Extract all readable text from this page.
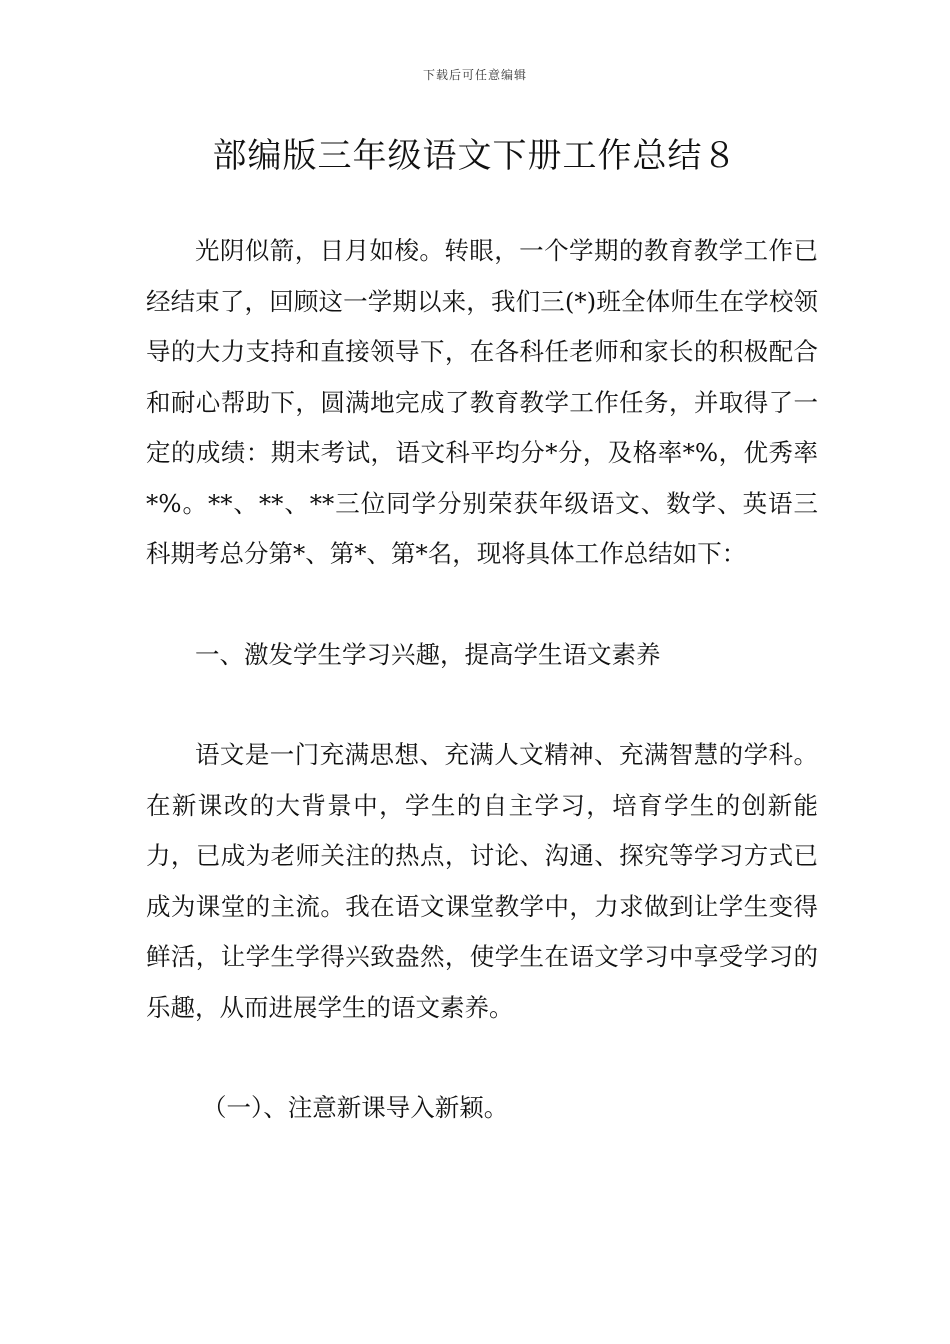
下载后可任意编辑
部编版三年级语文下册工作总结８

光阴似箭，日月如梭。转眼，一个学期的教育教学工作已经结束了，回顾这一学期以来，我们三(*)班全体师生在学校领导的大力支持和直接领导下，在各科任老师和家长的积极配合和耐心帮助下，圆满地完成了教育教学工作任务，并取得了一定的成绩：期末考试，语文科平均分*分，及格率*%，优秀率*%。**、**、**三位同学分别荣获年级语文、数学、英语三科期考总分第*、第*、第*名，现将具体工作总结如下：

一、激发学生学习兴趣，提高学生语文素养

语文是一门充满思想、充满人文精神、充满智慧的学科。在新课改的大背景中，学生的自主学习，培育学生的创新能力，已成为老师关注的热点，讨论、沟通、探究等学习方式已成为课堂的主流。我在语文课堂教学中，力求做到让学生变得鲜活，让学生学得兴致盎然，使学生在语文学习中享受学习的乐趣，从而进展学生的语文素养。

（一）、注意新课导入新颖。
